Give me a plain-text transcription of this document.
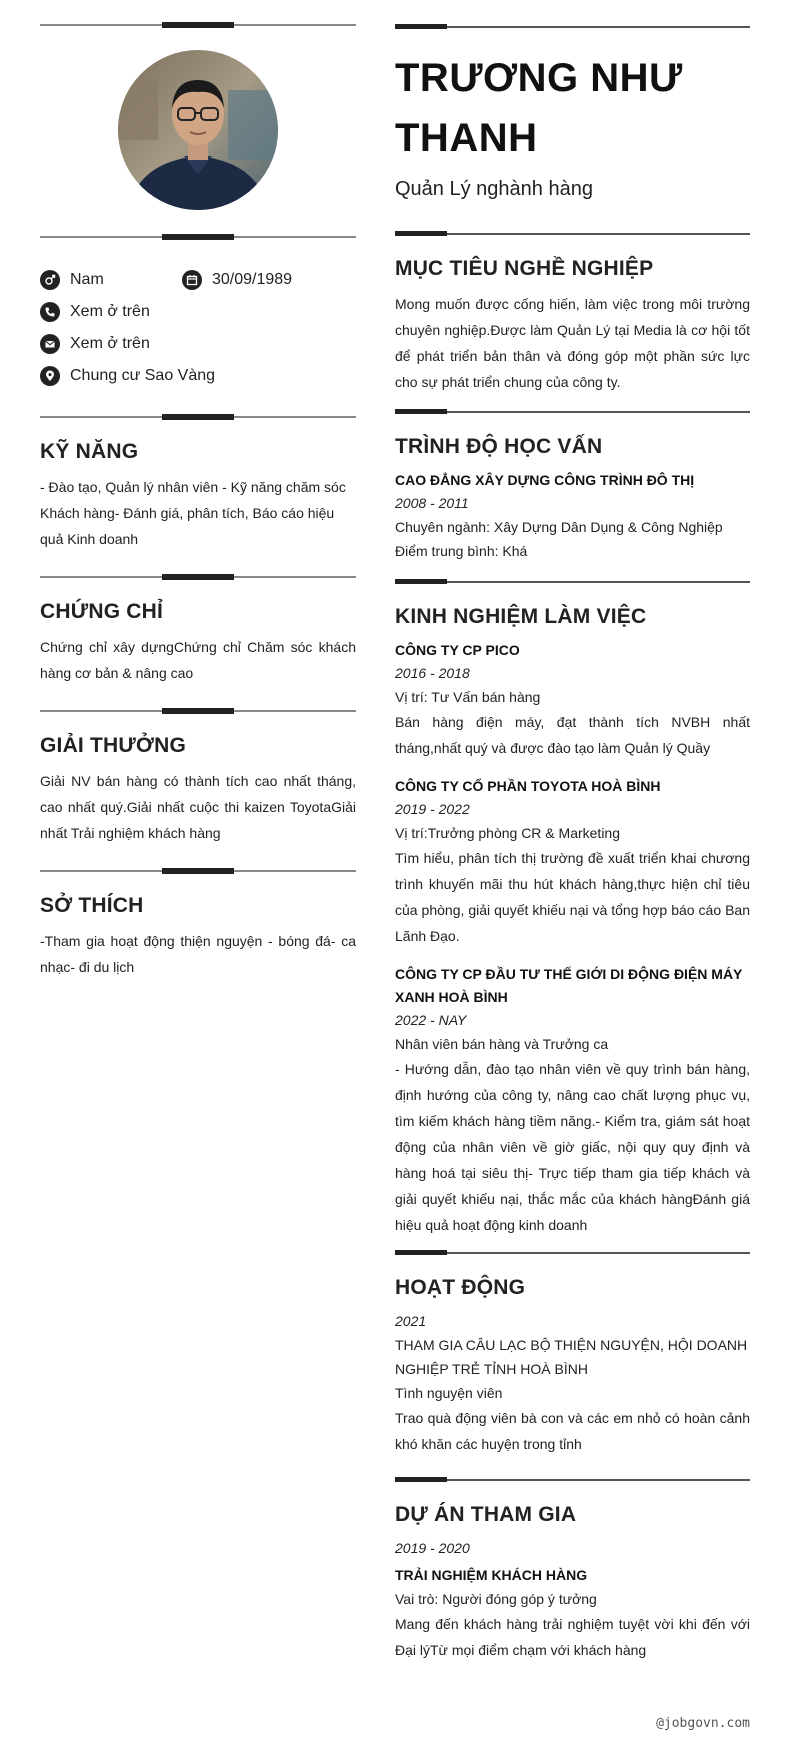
Nam	30/09/1989
Xem ở trên
Xem ở trên
Chung cư Sao Vàng
KỸ NĂNG
- Đào tạo, Quản lý nhân viên - Kỹ năng chăm sóc Khách hàng- Đánh giá, phân tích, Báo cáo hiệu quả Kinh doanh
CHỨNG CHỈ
Chứng chỉ xây dựngChứng chỉ Chăm sóc khách hàng cơ bản & nâng cao
GIẢI THƯỞNG
Giải NV bán hàng có thành tích cao nhất tháng, cao nhất quý.Giải nhất cuộc thi kaizen ToyotaGiải nhất Trải nghiệm khách hàng
SỞ THÍCH
-Tham gia hoạt động thiện nguyện - bóng đá- ca nhạc- đi du lịch
TRƯƠNG NHƯ THANH
Quản Lý nghành hàng
MỤC TIÊU NGHỀ NGHIỆP
Mong muốn được cống hiến, làm việc trong môi trường chuyên nghiệp.Được làm Quản Lý tại Media là cơ hội tốt để phát triển bản thân và đóng góp một phần sức lực cho sự phát triển chung của công ty.
TRÌNH ĐỘ HỌC VẤN
CAO ĐẲNG XÂY DỰNG CÔNG TRÌNH ĐÔ THỊ
2008 - 2011
Chuyên ngành: Xây Dựng Dân Dụng & Công Nghiệp
Điểm trung bình: Khá
KINH NGHIỆM LÀM VIỆC
CÔNG TY CP PICO
2016 - 2018
Vị trí: Tư Vấn bán hàng
Bán hàng điện máy, đạt thành tích NVBH nhất tháng,nhất quý và được đào tạo làm Quản lý Quầy
CÔNG TY CỔ PHẦN TOYOTA HOÀ BÌNH
2019 - 2022
Vị trí:Trưởng phòng CR & Marketing
Tìm hiểu, phân tích thị trường đề xuất triển khai chương trình khuyến mãi thu hút khách hàng,thực hiện chỉ tiêu của phòng, giải quyết khiếu nại và tổng hợp báo cáo Ban Lãnh Đạo.
CÔNG TY CP ĐẦU TƯ THẾ GIỚI DI ĐỘNG ĐIỆN MÁY XANH HOÀ BÌNH
2022 - NAY
Nhân viên bán hàng và Trưởng ca
- Hướng dẫn, đào tạo nhân viên về quy trình bán hàng, định hướng của công ty, nâng cao chất lượng phục vụ, tìm kiếm khách hàng tiềm năng.- Kiểm tra, giám sát hoạt động của nhân viên về giờ giấc, nội quy quy định và hàng hoá tại siêu thị- Trực tiếp tham gia tiếp khách và giải quyết khiếu nại, thắc mắc của khách hàngĐánh giá hiệu quả hoạt động kinh doanh
HOẠT ĐỘNG
2021
THAM GIA CÂU LẠC BỘ THIỆN NGUYỆN, HỘI DOANH NGHIỆP TRẺ TỈNH HOÀ BÌNH
Tình nguyện viên
Trao quà động viên bà con và các em nhỏ có hoàn cảnh khó khăn các huyện trong tỉnh
DỰ ÁN THAM GIA
2019 - 2020
TRẢI NGHIỆM KHÁCH HÀNG
Vai trò: Người đóng góp ý tưởng
Mang đến khách hàng trải nghiệm tuyệt vời khi đến với Đại lýTừ mọi điểm chạm với khách hàng
@jobgovn.com
